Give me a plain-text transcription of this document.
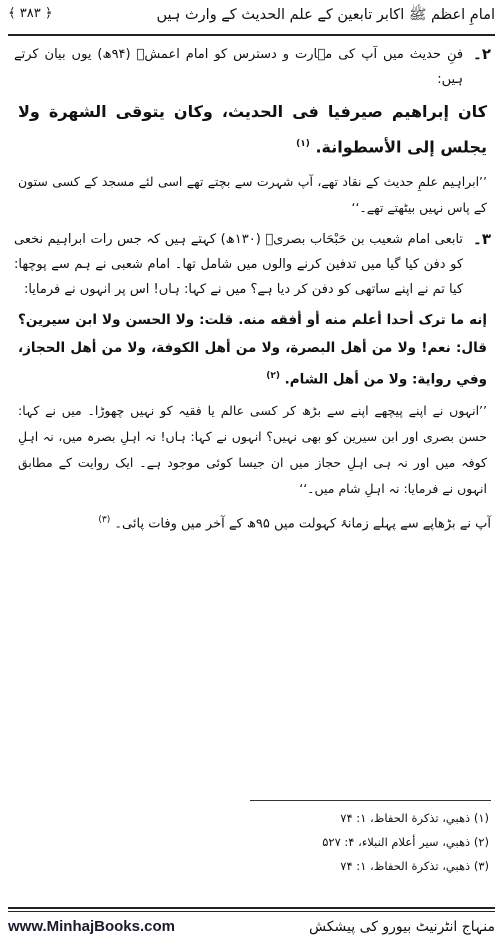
امامِ اعظم ﷺ اکابر تابعین کے علم الحدیث کے وارث ہیں
﴿ ۳۸۳ ﴾
۲۔
فنِ حدیث میں آپ کی مہارت و دسترس کو امام اعمشؒ (۹۴ھ) یوں بیان کرتے ہیں:
كان إبراهيم صيرفيا فى الحديث، وكان يتوقى الشهرة ولا يجلس إلى الأسطوانة. $^{(۱)}$
’’ابراہیم علمِ حدیث کے نقاد تھے، آپ شہرت سے بچتے تھے اسی لئے مسجد کے کسی ستون کے پاس نہیں بیٹھتے تھے۔‘‘
۳۔
تابعی امام شعیب بن حَبْحَاب بصریؒ (۱۳۰ھ) کہتے ہیں کہ جس رات ابراہیم نخعی کو دفن کیا گیا میں تدفین کرنے والوں میں شامل تھا۔ امام شعبی نے ہم سے پوچھا: کیا تم نے اپنے ساتھی کو دفن کر دیا ہے؟ میں نے کہا: ہاں! اس پر انہوں نے فرمایا:
إنه ما ترک أحدا أعلم منه أو أفقه منه. قلت: ولا الحسن ولا ابن سيرين؟ قال: نعم! ولا من أهل البصرة، ولا من أهل الكوفة، ولا من أهل الحجاز، وفي رواية: ولا من أهل الشام. $^{(۲)}$
’’انہوں نے اپنے پیچھے اپنے سے بڑھ کر کسی عالم یا فقیہ کو نہیں چھوڑا۔ میں نے کہا: حسن بصری اور ابن سیرین کو بھی نہیں؟ انہوں نے کہا: ہاں! نہ اہلِ بصرہ میں، نہ اہلِ کوفہ میں اور نہ ہی اہلِ حجاز میں ان جیسا کوئی موجود ہے۔ ایک روایت کے مطابق انہوں نے فرمایا: نہ اہلِ شام میں۔‘‘
آپ نے بڑھاپے سے پہلے زمانۂ کہولت میں ۹۵ھ کے آخر میں وفات پائی۔ $^{(۳)}$
(۱) ذهبي، تذكرة الحفاظ، ۱: ۷۴
(۲) ذهبي، سير أعلام النبلاء، ۴: ۵۲۷
(۳) ذهبي، تذكرة الحفاظ، ۱: ۷۴
www.MinhajBooks.com	منہاج انٹرنیٹ بیورو کی پیشکش
